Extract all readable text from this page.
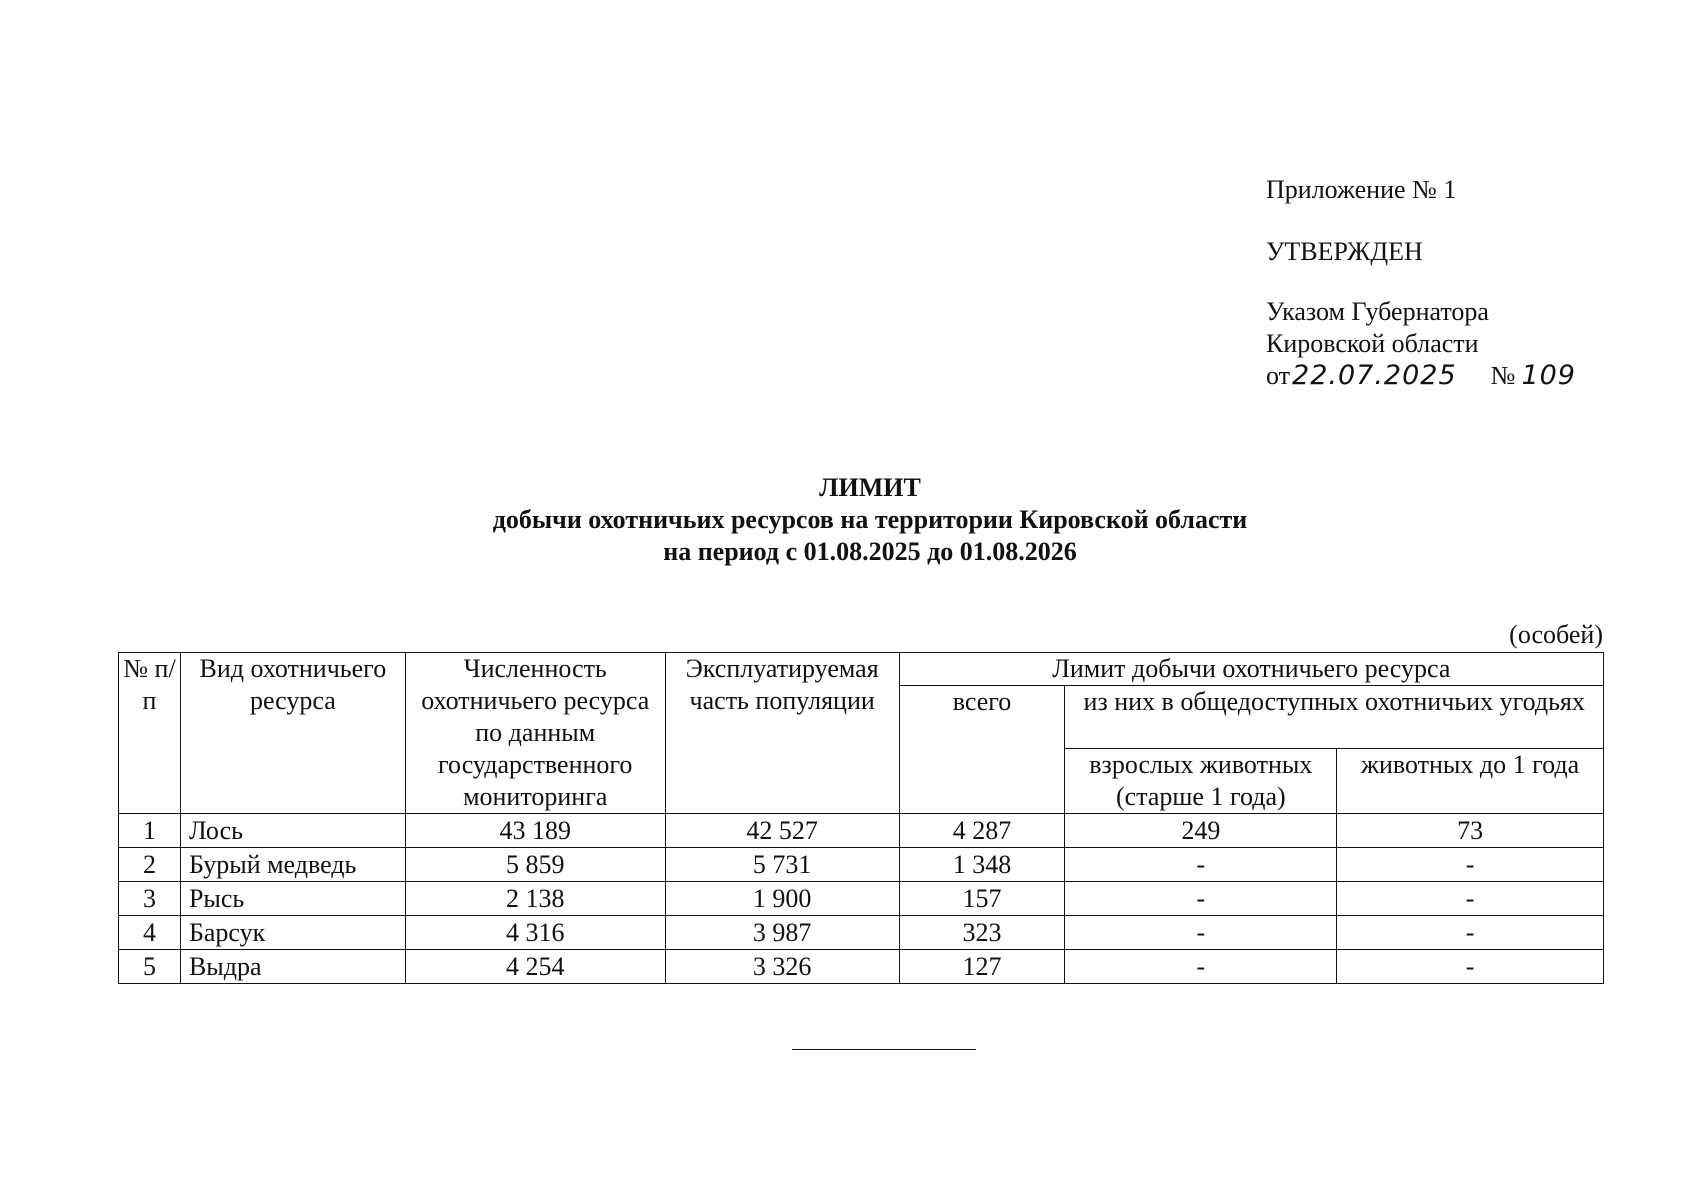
Приложение № 1
УТВЕРЖДЕН
Указом Губернатора
Кировской области
от22.07.2025 № 109
ЛИМИТ
добычи охотничьих ресурсов на территории Кировской области
на период с 01.08.2025 до 01.08.2026
(особей)
№ п/п	Вид охотничьего ресурса	Численность охотничьего ресурса по данным государственного мониторинга	Эксплуатируемая часть популяции	Лимит добычи охотничьего ресурса		
				всего	из них в общедоступных охотничьих угодьях	
					взрослых животных (старше 1 года)	животных до 1 года
1	Лось	43 189	42 527	4 287	249	73
2	Бурый медведь	5 859	5 731	1 348	-	-
3	Рысь	2 138	1 900	157	-	-
4	Барсук	4 316	3 987	323	-	-
5	Выдра	4 254	3 326	127	-	-
